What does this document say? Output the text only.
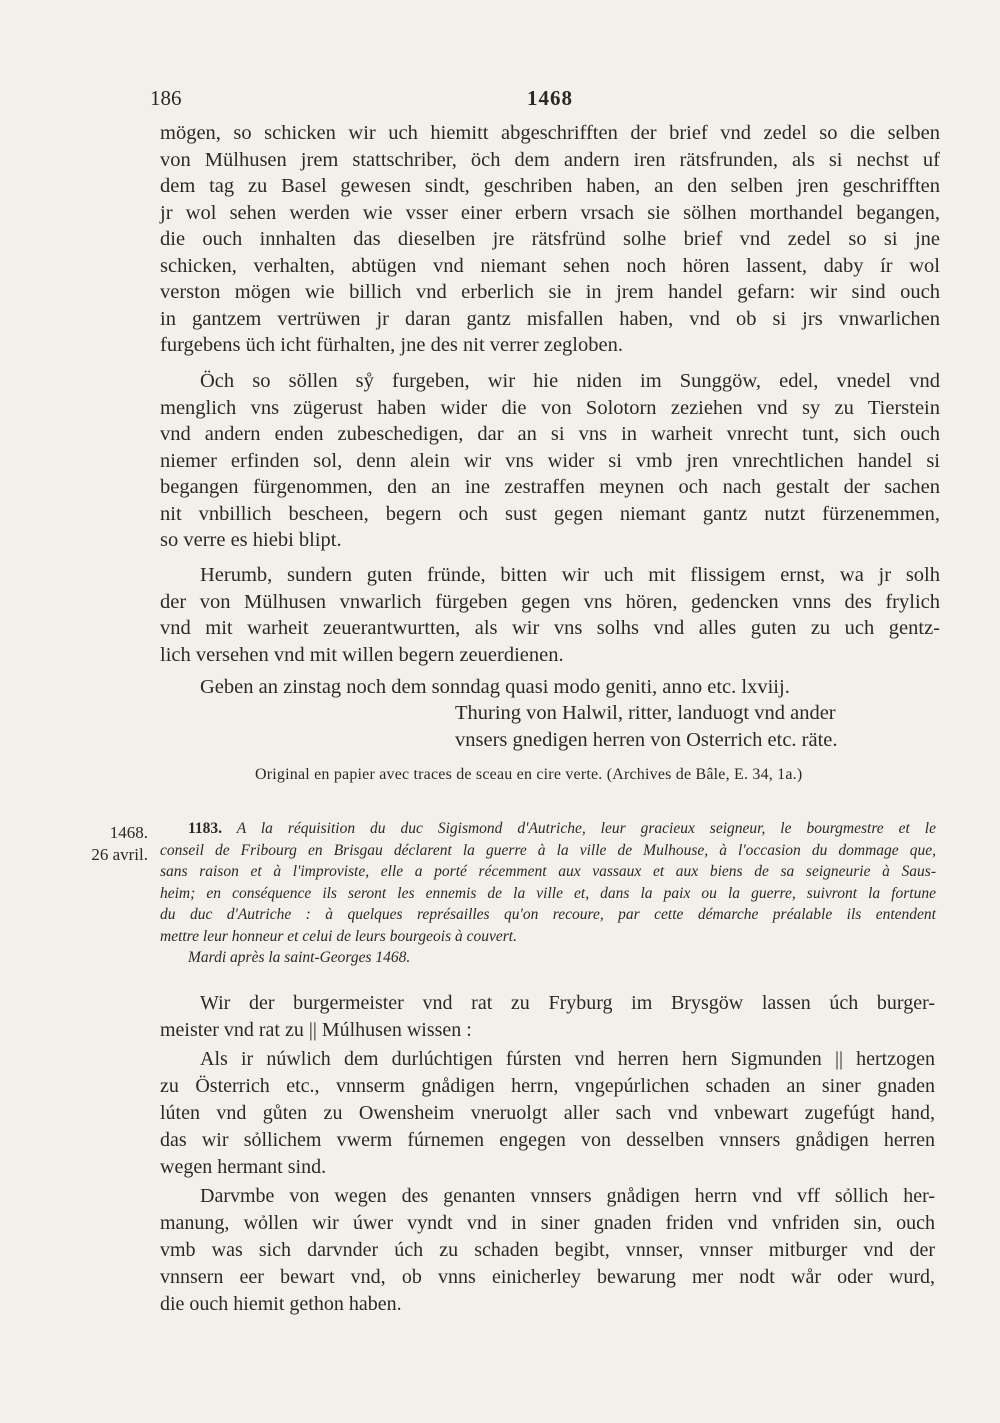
186	1468
mögen, so schicken wir uch hiemitt abgeschrifften der brief vnd zedel so die selben
von Mülhusen jrem stattschriber, öch dem andern iren rätsfrunden, als si nechst uf
dem tag zu Basel gewesen sindt, geschriben haben, an den selben jren geschrifften
jr wol sehen werden wie vsser einer erbern vrsach sie sölhen morthandel begangen,
die ouch innhalten das dieselben jre rätsfründ solhe brief vnd zedel so si jne
schicken, verhalten, abtügen vnd niemant sehen noch hören lassent, daby ír wol
verston mögen wie billich vnd erberlich sie in jrem handel gefarn: wir sind ouch
in gantzem vertrüwen jr daran gantz misfallen haben, vnd ob si jrs vnwarlichen
furgebens üch icht fürhalten, jne des nit verrer zegloben.
Öch so söllen sẙ furgeben, wir hie niden im Sunggöw, edel, vnedel vnd
menglich vns zügerust haben wider die von Solotorn zeziehen vnd sy zu Tierstein
vnd andern enden zubeschedigen, dar an si vns in warheit vnrecht tunt, sich ouch
niemer erfinden sol, denn alein wir vns wider si vmb jren vnrechtlichen handel si
begangen fürgenommen, den an ine zestraffen meynen och nach gestalt der sachen
nit vnbillich bescheen, begern och sust gegen niemant gantz nutzt fürzenemmen,
so verre es hiebi blipt.
Herumb, sundern guten fründe, bitten wir uch mit flissigem ernst, wa jr solh
der von Mülhusen vnwarlich fürgeben gegen vns hören, gedencken vnns des frylich
vnd mit warheit zeuerantwurtten, als wir vns solhs vnd alles guten zu uch gentz-
lich versehen vnd mit willen begern zeuerdienen.
Geben an zinstag noch dem sonndag quasi modo geniti, anno etc. lxviij.
Thuring von Halwil, ritter, landuogt vnd ander
vnsers gnedigen herren von Osterrich etc. räte.
Original en papier avec traces de sceau en cire verte. (Archives de Bâle, E. 34, 1a.)
1468.
26 avril.
1183. A la réquisition du duc Sigismond d'Autriche, leur gracieux seigneur, le bourgmestre et le
conseil de Fribourg en Brisgau déclarent la guerre à la ville de Mulhouse, à l'occasion du dommage que,
sans raison et à l'improviste, elle a porté récemment aux vassaux et aux biens de sa seigneurie à Saus-
heim; en conséquence ils seront les ennemis de la ville et, dans la paix ou la guerre, suivront la fortune
du duc d'Autriche : à quelques représailles qu'on recoure, par cette démarche préalable ils entendent
mettre leur honneur et celui de leurs bourgeois à couvert.
Mardi après la saint-Georges 1468.
Wir der burgermeister vnd rat zu Fryburg im Brysgöw lassen úch burger-
meister vnd rat zu || Múlhusen wissen :
Als ir núwlich dem durlúchtigen fúrsten vnd herren hern Sigmunden || hertzogen
zu Österrich etc., vnnserm gnådigen herrn, vngepúrlichen schaden an siner gnaden
lúten vnd gůten zu Owensheim vneruolgt aller sach vnd vnbewart zugefúgt hand,
das wir sỏllichem vwerm fúrnemen engegen von desselben vnnsers gnådigen herren
wegen hermant sind.
Darvmbe von wegen des genanten vnnsers gnådigen herrn vnd vff sỏllich her-
manung, wỏllen wir úwer vyndt vnd in siner gnaden friden vnd vnfriden sin, ouch
vmb was sich darvnder úch zu schaden begibt, vnnser, vnnser mitburger vnd der
vnnsern eer bewart vnd, ob vnns einicherley bewarung mer nodt wår oder wurd,
die ouch hiemit gethon haben.
